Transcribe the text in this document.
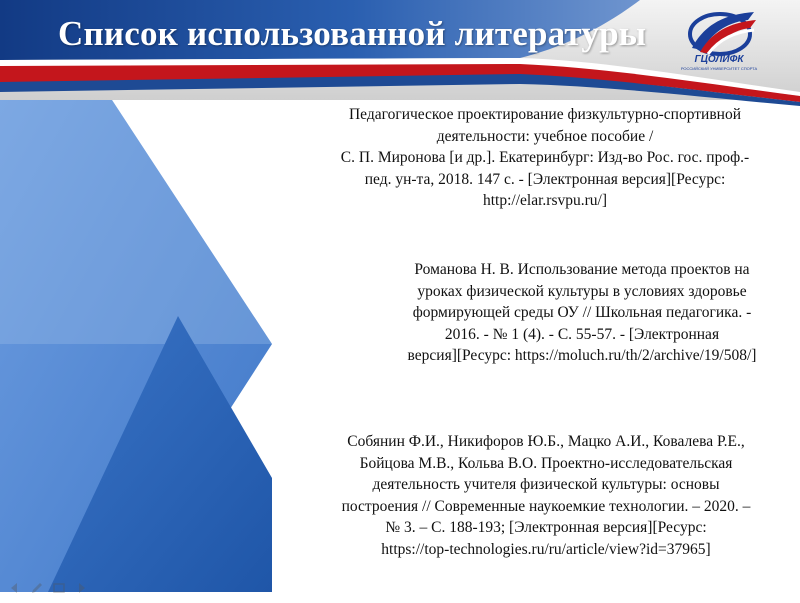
Список использованной литературы
ГЦОЛИФК
РОССИЙСКИЙ УНИВЕРСИТЕТ СПОРТА
Педагогическое проектирование физкультурно-спортивной
деятельности: учебное пособие /
С. П. Миронова [и др.]. Екатеринбург: Изд-во Рос. гос. проф.-
пед. ун-та, 2018. 147 с. - [Электронная версия][Ресурс:
http://elar.rsvpu.ru/]
Романова Н. В. Использование метода проектов на
уроках физической культуры в условиях здоровье
формирующей среды ОУ // Школьная педагогика. -
2016. - № 1 (4). - С. 55-57. - [Электронная
версия][Ресурс: https://moluch.ru/th/2/archive/19/508/]
Собянин Ф.И., Никифоров Ю.Б., Мацко А.И., Ковалева Р.Е.,
Бойцова М.В., Кольва В.О. Проектно-исследовательская
деятельность учителя физической культуры: основы
построения // Современные наукоемкие технологии. – 2020. –
№ 3. – С. 188-193; [Электронная версия][Ресурс:
https://top-technologies.ru/ru/article/view?id=37965]
